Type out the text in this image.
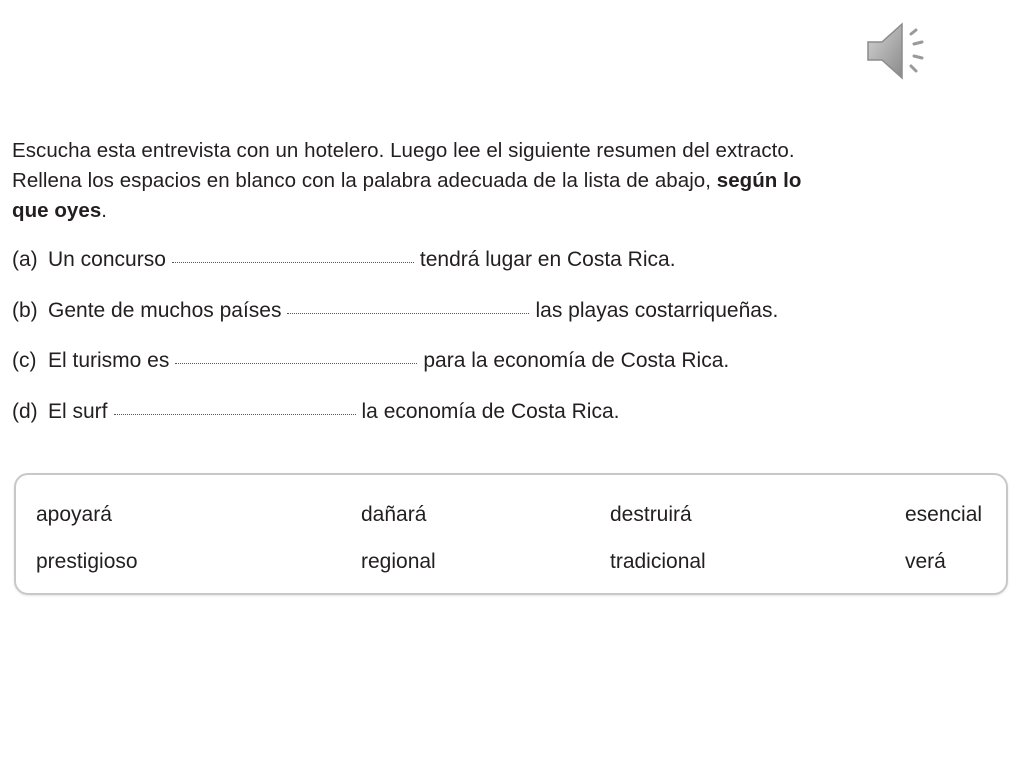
Escucha esta entrevista con un hotelero. Luego lee el siguiente resumen del extracto.
Rellena los espacios en blanco con la palabra adecuada de la lista de abajo, según lo
que oyes.
(a) Un concurso	tendrá lugar en Costa Rica.
(b) Gente de muchos países	las playas costarriqueñas.
(c) El turismo es	para la economía de Costa Rica.
(d) El surf	la economía de Costa Rica.
apoyará	dañará	destruirá	esencial
prestigioso	regional	tradicional	verá
